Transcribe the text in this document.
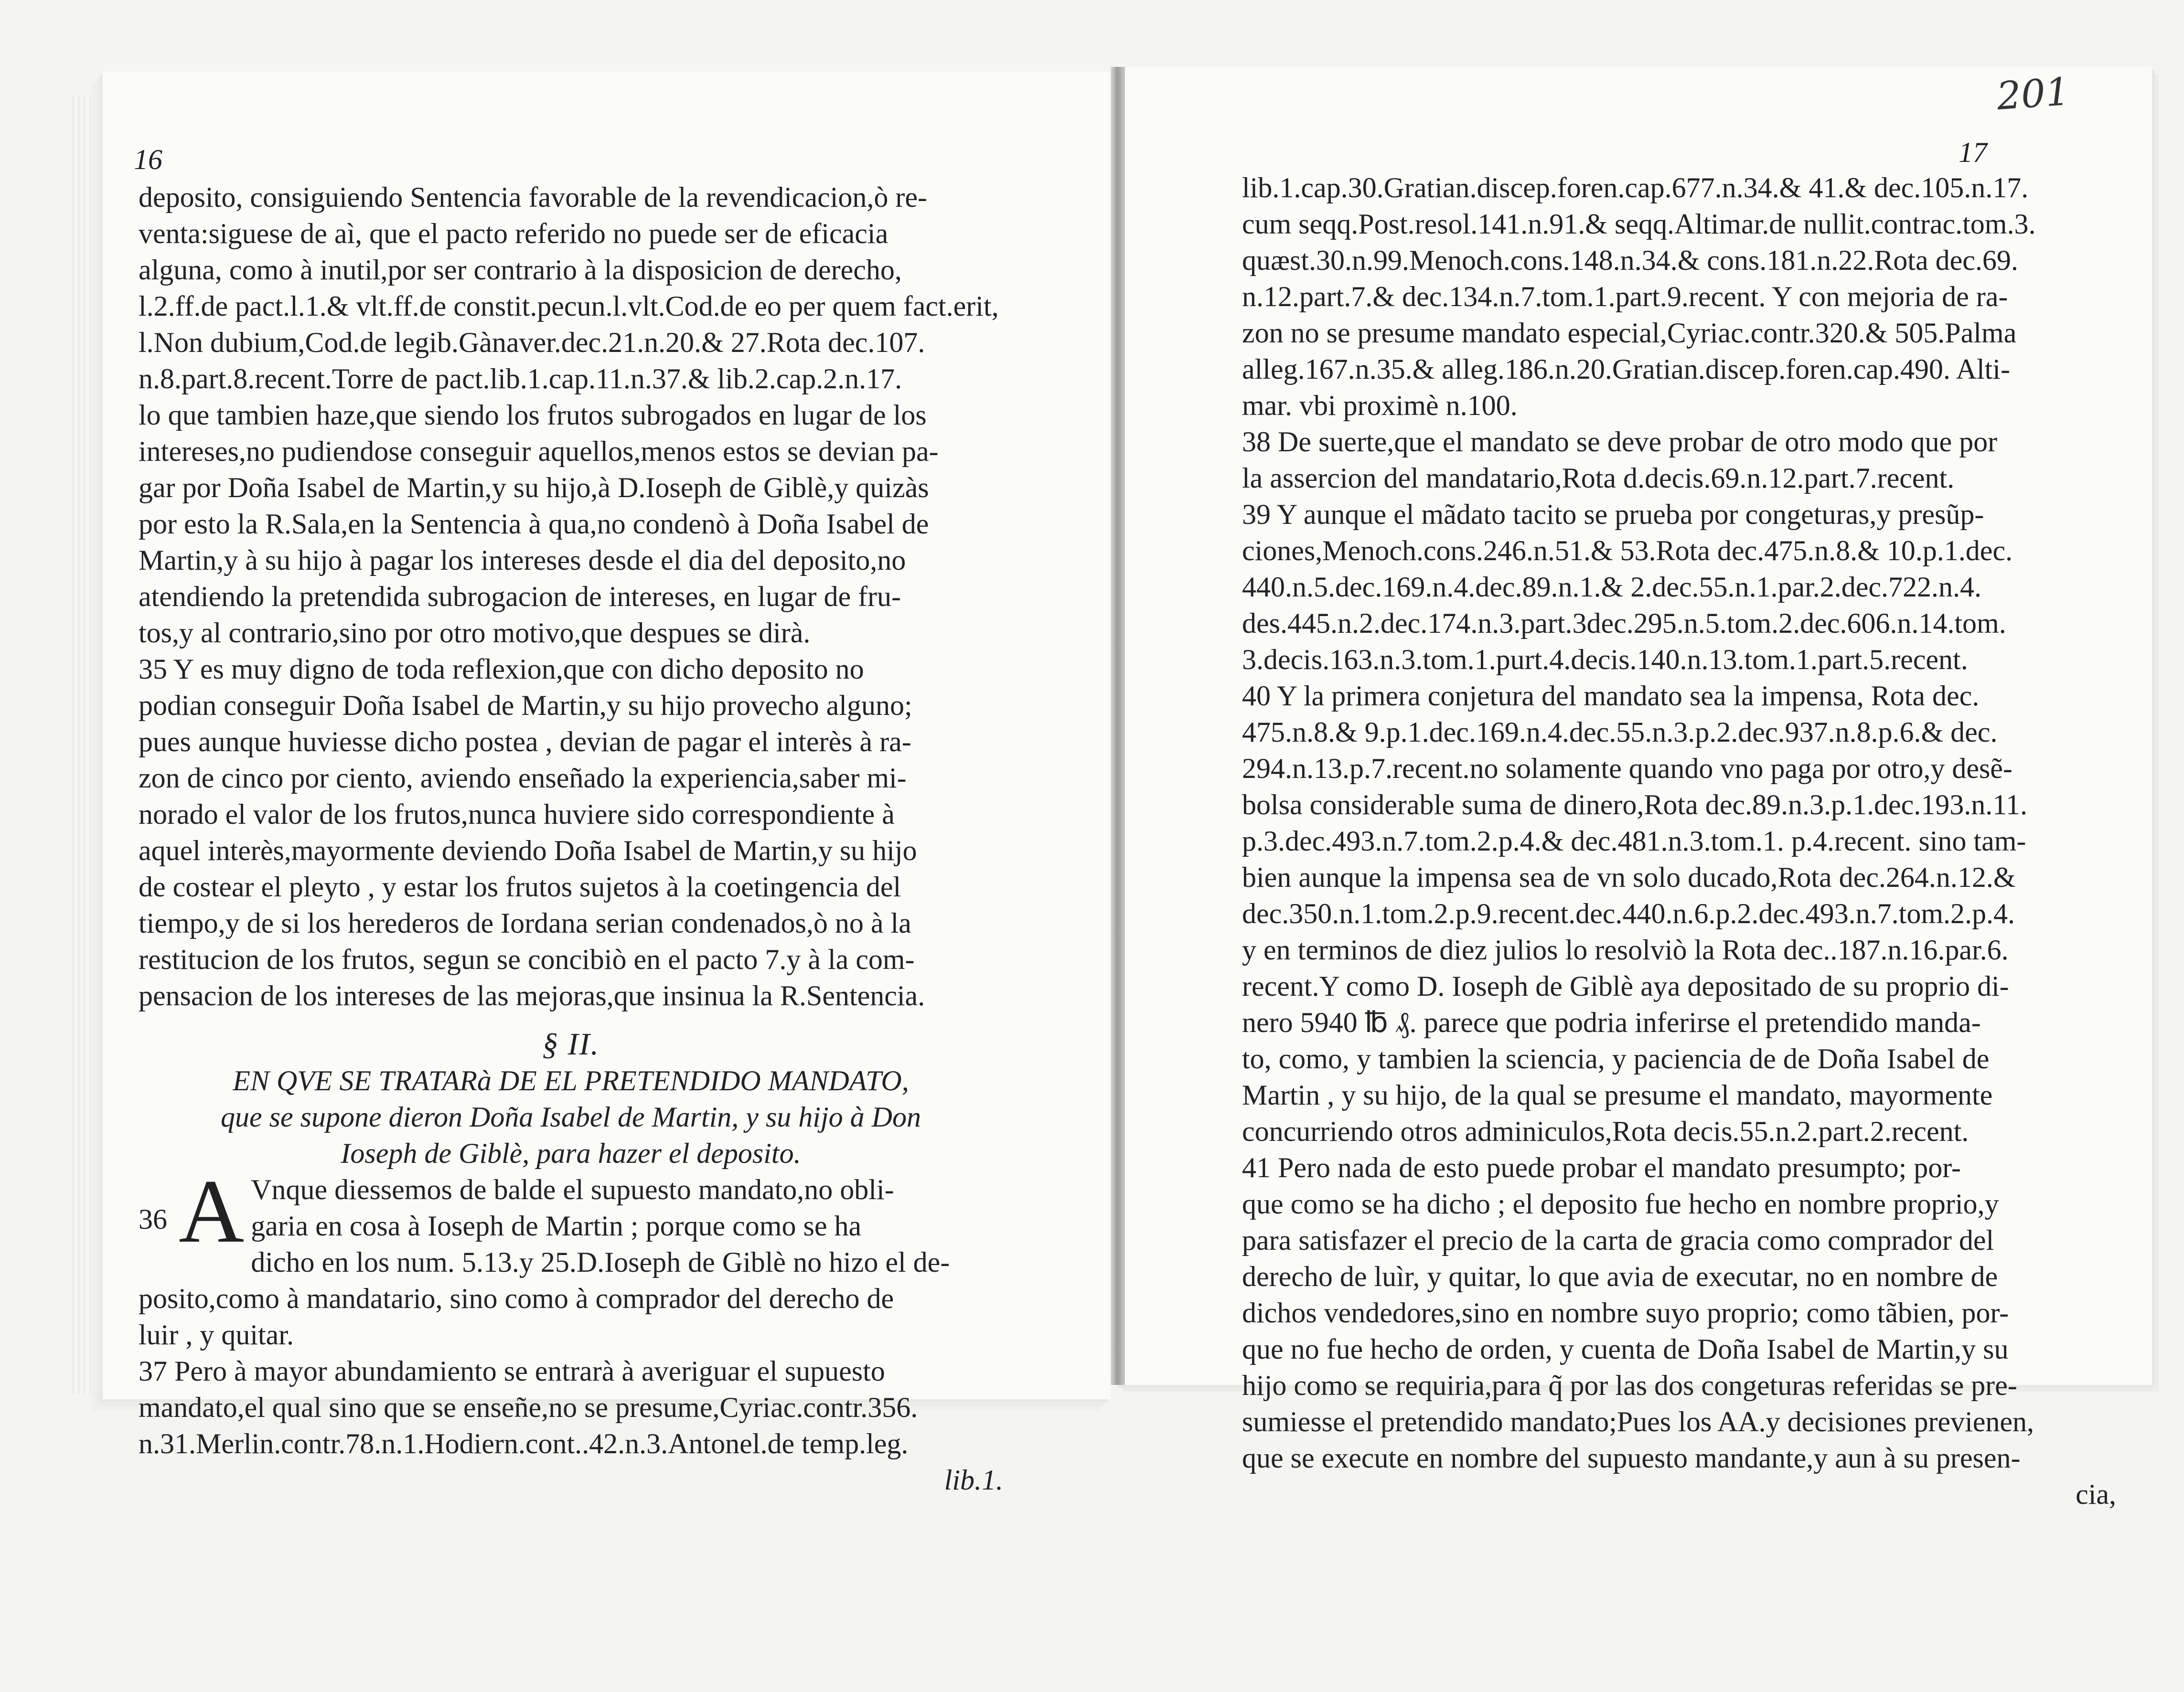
16
deposito, consiguiendo Sentencia favorable de la revendicacion,ò re-
venta:siguese de aì, que el pacto referido no puede ser de eficacia
alguna, como à inutil,por ser contrario à la disposicion de derecho,
l.2.ff.de pact.l.1.& vlt.ff.de constit.pecun.l.vlt.Cod.de eo per quem fact.erit,
l.Non dubium,Cod.de legib.Gànaver.dec.21.n.20.& 27.Rota dec.107.
n.8.part.8.recent.Torre de pact.lib.1.cap.11.n.37.& lib.2.cap.2.n.17.
lo que tambien haze,que siendo los frutos subrogados en lugar de los
intereses,no pudiendose conseguir aquellos,menos estos se devian pa-
gar por Doña Isabel de Martin,y su hijo,à D.Ioseph de Giblè,y quizàs
por esto la R.Sala,en la Sentencia à qua,no condenò à Doña Isabel de
Martin,y à su hijo à pagar los intereses desde el dia del deposito,no
atendiendo la pretendida subrogacion de intereses, en lugar de fru-
tos,y al contrario,sino por otro motivo,que despues se dirà.
35 Y es muy digno de toda reflexion,que con dicho deposito no
podian conseguir Doña Isabel de Martin,y su hijo provecho alguno;
pues aunque huviesse dicho postea , devian de pagar el interès à ra-
zon de cinco por ciento, aviendo enseñado la experiencia,saber mi-
norado el valor de los frutos,nunca huviere sido correspondiente à
aquel interès,mayormente deviendo Doña Isabel de Martin,y su hijo
de costear el pleyto , y estar los frutos sujetos à la coetingencia del
tiempo,y de si los herederos de Iordana serian condenados,ò no à la
restitucion de los frutos, segun se concibiò en el pacto 7.y à la com-
pensacion de los intereses de las mejoras,que insinua la R.Sentencia.
§ II.
EN QVE SE TRATARà DE EL PRETENDIDO MANDATO,
que se supone dieron Doña Isabel de Martin, y su hijo à Don
Ioseph de Giblè, para hazer el deposito.
36 A Vnque diessemos de balde el supuesto mandato,no obli-
garia en cosa à Ioseph de Martin ; porque como se ha
dicho en los num. 5.13.y 25.D.Ioseph de Giblè no hizo el de-
posito,como à mandatario, sino como à comprador del derecho de
luir , y quitar.
37 Pero à mayor abundamiento se entrarà à averiguar el supuesto
mandato,el qual sino que se enseñe,no se presume,Cyriac.contr.356.
n.31.Merlin.contr.78.n.1.Hodiern.cont..42.n.3.Antonel.de temp.leg.
lib.1.
17
201
lib.1.cap.30.Gratian.discep.foren.cap.677.n.34.& 41.& dec.105.n.17.
cum seqq.Post.resol.141.n.91.& seqq.Altimar.de nullit.contrac.tom.3.
quæst.30.n.99.Menoch.cons.148.n.34.& cons.181.n.22.Rota dec.69.
n.12.part.7.& dec.134.n.7.tom.1.part.9.recent. Y con mejoria de ra-
zon no se presume mandato especial,Cyriac.contr.320.& 505.Palma
alleg.167.n.35.& alleg.186.n.20.Gratian.discep.foren.cap.490. Alti-
mar. vbi proximè n.100.
38 De suerte,que el mandato se deve probar de otro modo que por
la assercion del mandatario,Rota d.decis.69.n.12.part.7.recent.
39 Y aunque el mãdato tacito se prueba por congeturas,y presũp-
ciones,Menoch.cons.246.n.51.& 53.Rota dec.475.n.8.& 10.p.1.dec.
440.n.5.dec.169.n.4.dec.89.n.1.& 2.dec.55.n.1.par.2.dec.722.n.4.
des.445.n.2.dec.174.n.3.part.3dec.295.n.5.tom.2.dec.606.n.14.tom.
3.decis.163.n.3.tom.1.purt.4.decis.140.n.13.tom.1.part.5.recent.
40 Y la primera conjetura del mandato sea la impensa, Rota dec.
475.n.8.& 9.p.1.dec.169.n.4.dec.55.n.3.p.2.dec.937.n.8.p.6.& dec.
294.n.13.p.7.recent.no solamente quando vno paga por otro,y desẽ-
bolsa considerable suma de dinero,Rota dec.89.n.3.p.1.dec.193.n.11.
p.3.dec.493.n.7.tom.2.p.4.& dec.481.n.3.tom.1. p.4.recent. sino tam-
bien aunque la impensa sea de vn solo ducado,Rota dec.264.n.12.&
dec.350.n.1.tom.2.p.9.recent.dec.440.n.6.p.2.dec.493.n.7.tom.2.p.4.
y en terminos de diez julios lo resolviò la Rota dec..187.n.16.par.6.
recent.Y como D. Ioseph de Giblè aya depositado de su proprio di-
nero 5940 ℔ ₰. parece que podria inferirse el pretendido manda-
to, como, y tambien la sciencia, y paciencia de de Doña Isabel de
Martin , y su hijo, de la qual se presume el mandato, mayormente
concurriendo otros adminiculos,Rota decis.55.n.2.part.2.recent.
41 Pero nada de esto puede probar el mandato presumpto; por-
que como se ha dicho ; el deposito fue hecho en nombre proprio,y
para satisfazer el precio de la carta de gracia como comprador del
derecho de luìr, y quitar, lo que avia de executar, no en nombre de
dichos vendedores,sino en nombre suyo proprio; como tãbien, por-
que no fue hecho de orden, y cuenta de Doña Isabel de Martin,y su
hijo como se requiria,para q̃ por las dos congeturas referidas se pre-
sumiesse el pretendido mandato;Pues los AA.y decisiones previenen,
que se execute en nombre del supuesto mandante,y aun à su presen-
cia,
